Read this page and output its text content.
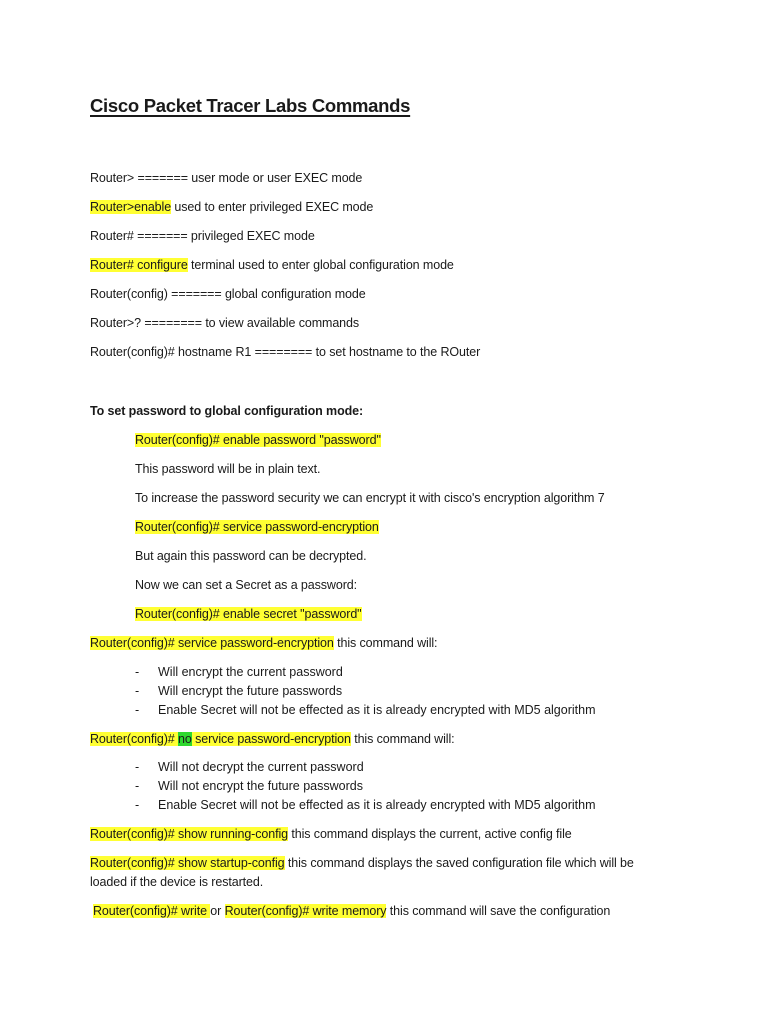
Cisco Packet Tracer Labs Commands
Router> ======= user mode or user EXEC mode
Router>enable used to enter privileged EXEC mode
Router# ======= privileged EXEC mode
Router# configure terminal used to enter global configuration mode
Router(config) ======= global configuration mode
Router>? ======== to view available commands
Router(config)# hostname R1 ======== to set hostname to the ROuter
To set password to global configuration mode:
Router(config)# enable password "password"
This password will be in plain text.
To increase the password security we can encrypt it with cisco's encryption algorithm 7
Router(config)# service password-encryption
But again this password can be decrypted.
Now we can set a Secret as a password:
Router(config)# enable secret "password"
Router(config)# service password-encryption this command will:
- Will encrypt the current password
- Will encrypt the future passwords
- Enable Secret will not be effected as it is already encrypted with MD5 algorithm
Router(config)# no service password-encryption this command will:
- Will not decrypt the current password
- Will not encrypt the future passwords
- Enable Secret will not be effected as it is already encrypted with MD5 algorithm
Router(config)# show running-config this command displays the current, active config file
Router(config)# show startup-config this command displays the saved configuration file which will be
loaded if the device is restarted.
Router(config)# write or Router(config)# write memory this command will save the configuration
